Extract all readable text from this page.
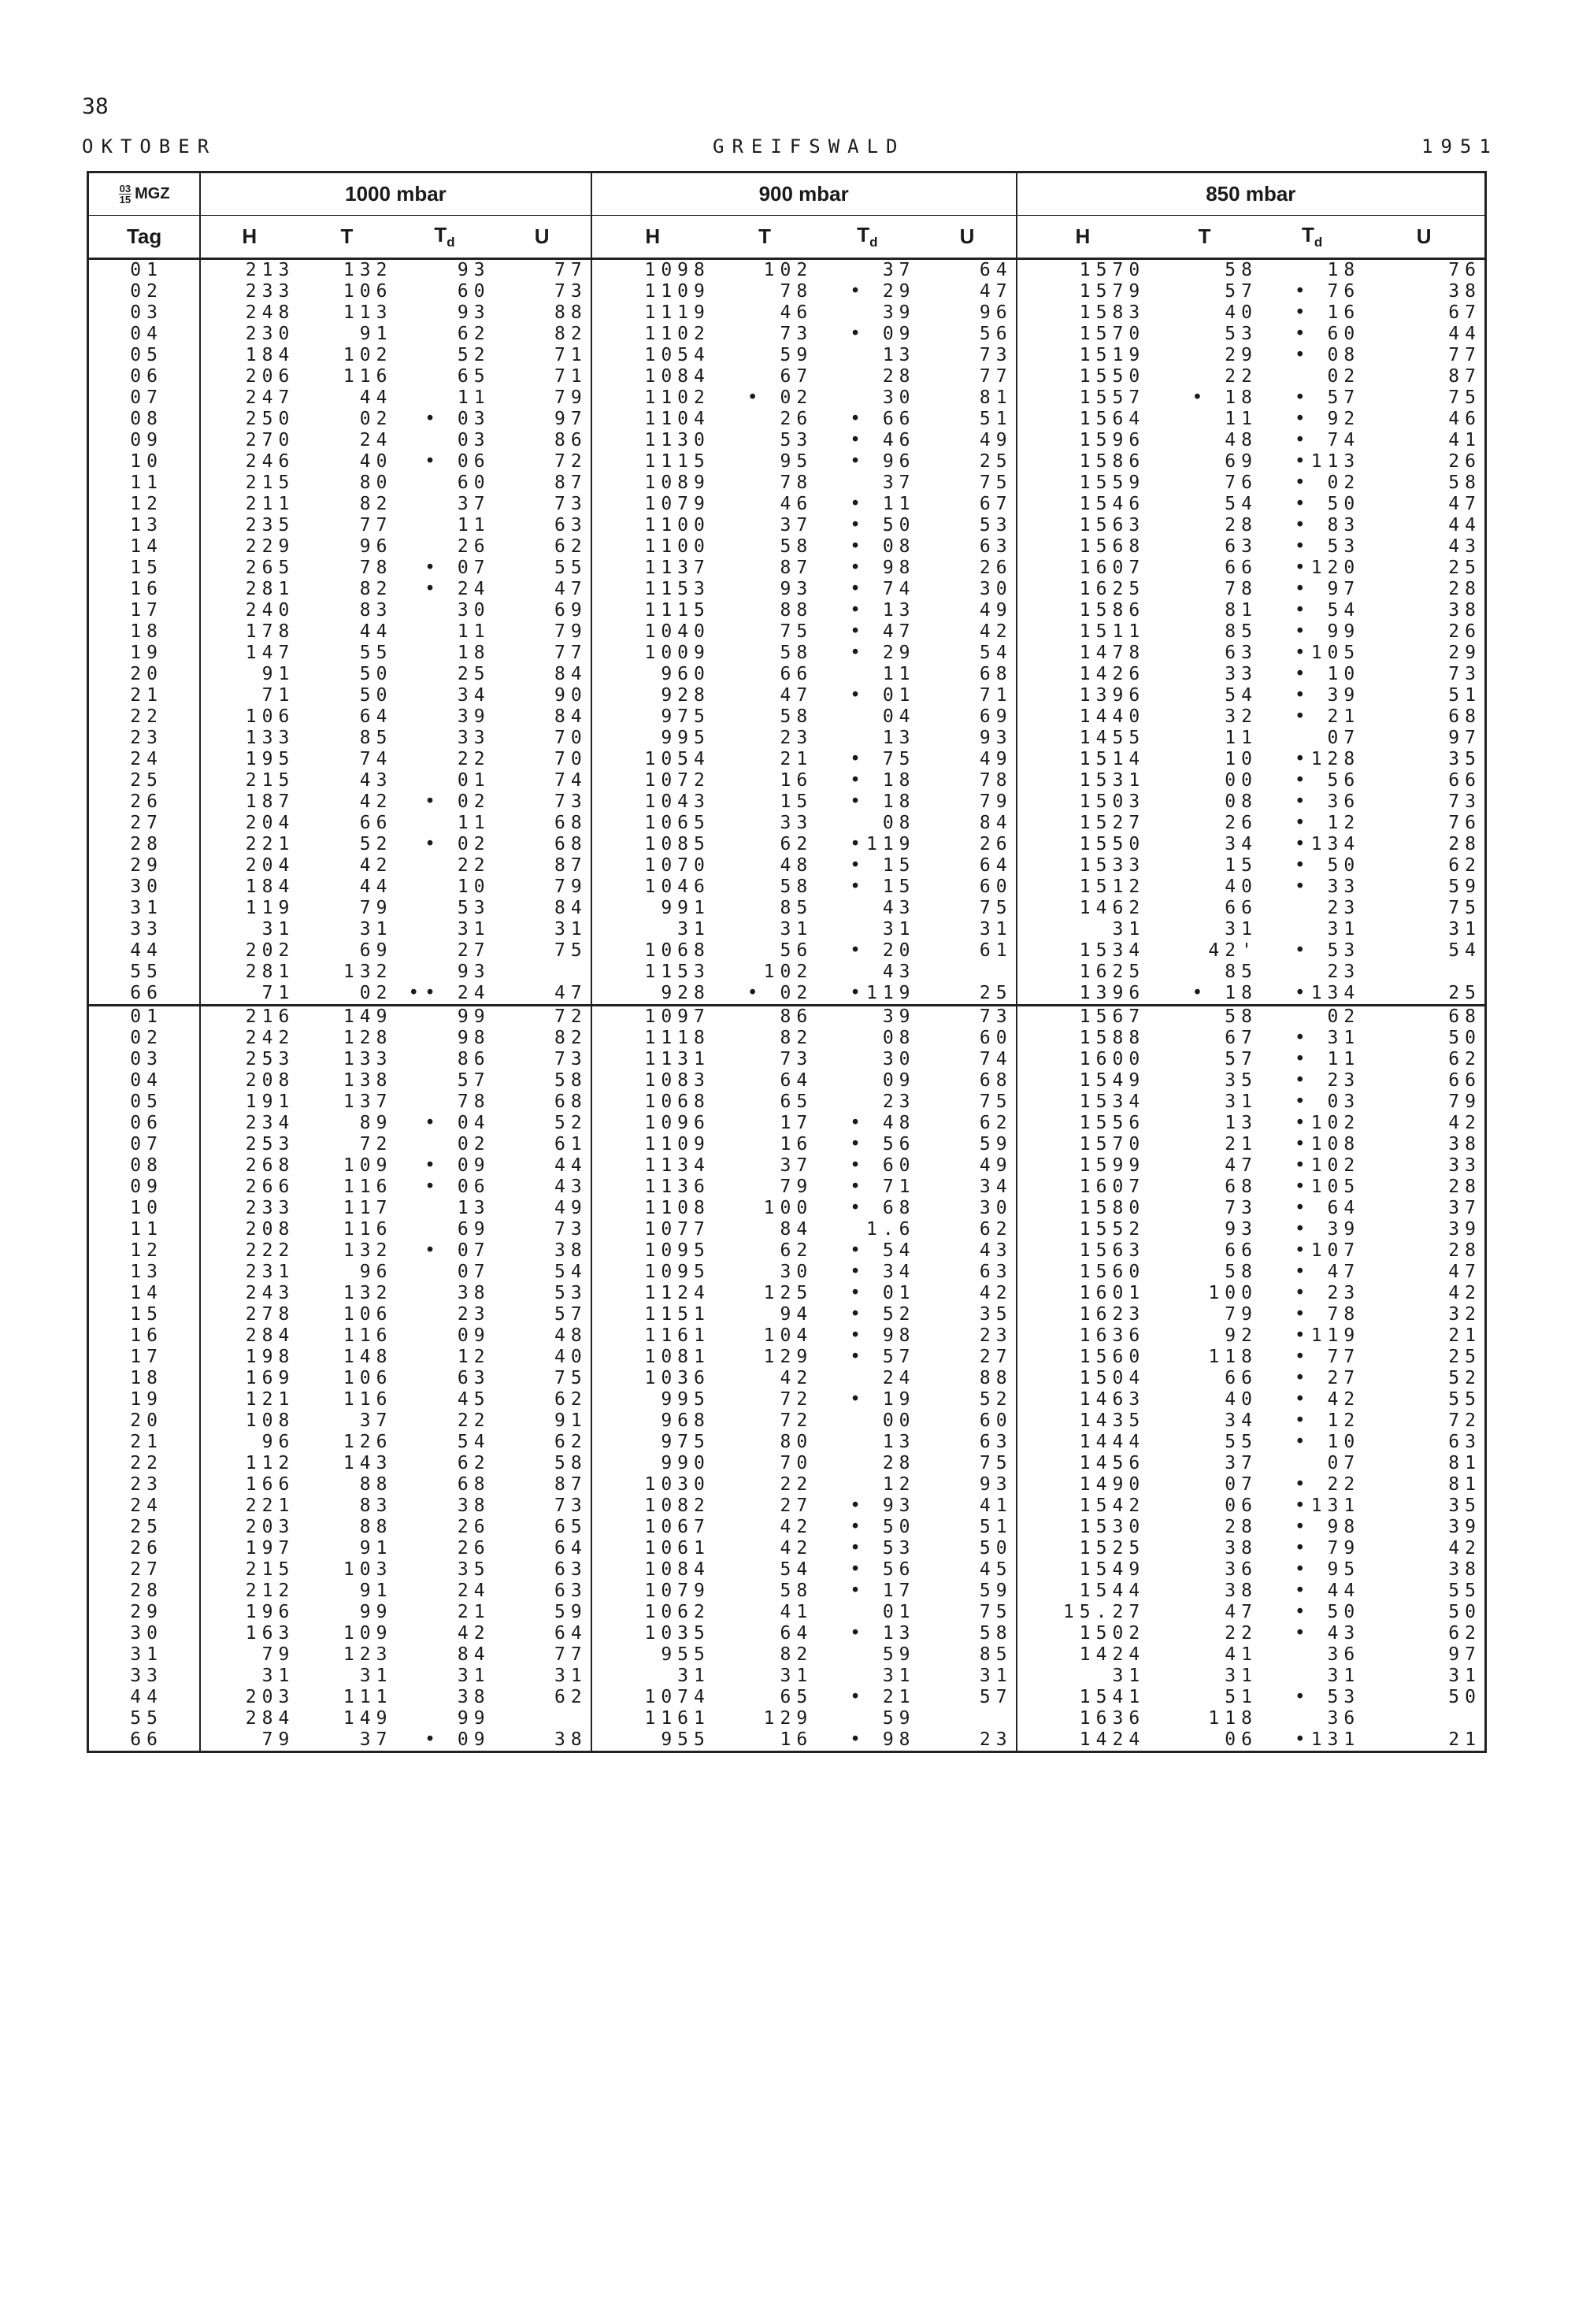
38
OKTOBER	GREIFSWALD	1951
$\frac{03}{15}$ MGZ	1000 mbar				900 mbar				850 mbar			
Tag	H	T	$T_d$	U	H	T	$T_d$	U	H	T	$T_d$	U
01	213	132	93	77	1098	102	37	64	1570	58	18	76
02	233	106	60	73	1109	78	• 29	47	1579	57	• 76	38
03	248	113	93	88	1119	46	39	96	1583	40	• 16	67
04	230	91	62	82	1102	73	• 09	56	1570	53	• 60	44
05	184	102	52	71	1054	59	13	73	1519	29	• 08	77
06	206	116	65	71	1084	67	28	77	1550	22	02	87
07	247	44	11	79	1102	• 02	30	81	1557	• 18	• 57	75
08	250	02	• 03	97	1104	26	• 66	51	1564	11	• 92	46
09	270	24	03	86	1130	53	• 46	49	1596	48	• 74	41
10	246	40	• 06	72	1115	95	• 96	25	1586	69	•113	26
11	215	80	60	87	1089	78	37	75	1559	76	• 02	58
12	211	82	37	73	1079	46	• 11	67	1546	54	• 50	47
13	235	77	11	63	1100	37	• 50	53	1563	28	• 83	44
14	229	96	26	62	1100	58	• 08	63	1568	63	• 53	43
15	265	78	• 07	55	1137	87	• 98	26	1607	66	•120	25
16	281	82	• 24	47	1153	93	• 74	30	1625	78	• 97	28
17	240	83	30	69	1115	88	• 13	49	1586	81	• 54	38
18	178	44	11	79	1040	75	• 47	42	1511	85	• 99	26
19	147	55	18	77	1009	58	• 29	54	1478	63	•105	29
20	91	50	25	84	960	66	11	68	1426	33	• 10	73
21	71	50	34	90	928	47	• 01	71	1396	54	• 39	51
22	106	64	39	84	975	58	04	69	1440	32	• 21	68
23	133	85	33	70	995	23	13	93	1455	11	07	97
24	195	74	22	70	1054	21	• 75	49	1514	10	•128	35
25	215	43	01	74	1072	16	• 18	78	1531	00	• 56	66
26	187	42	• 02	73	1043	15	• 18	79	1503	08	• 36	73
27	204	66	11	68	1065	33	08	84	1527	26	• 12	76
28	221	52	• 02	68	1085	62	•119	26	1550	34	•134	28
29	204	42	22	87	1070	48	• 15	64	1533	15	• 50	62
30	184	44	10	79	1046	58	• 15	60	1512	40	• 33	59
31	119	79	53	84	991	85	43	75	1462	66	23	75
33	31	31	31	31	31	31	31	31	31	31	31	31
44	202	69	27	75	1068	56	• 20	61	1534	42'	• 53	54
55	281	132	93		1153	102	43		1625	85	23	
66	71	02	•• 24	47	928	• 02	•119	25	1396	• 18	•134	25
01	216	149	99	72	1097	86	39	73	1567	58	02	68
02	242	128	98	82	1118	82	08	60	1588	67	• 31	50
03	253	133	86	73	1131	73	30	74	1600	57	• 11	62
04	208	138	57	58	1083	64	09	68	1549	35	• 23	66
05	191	137	78	68	1068	65	23	75	1534	31	• 03	79
06	234	89	• 04	52	1096	17	• 48	62	1556	13	•102	42
07	253	72	02	61	1109	16	• 56	59	1570	21	•108	38
08	268	109	• 09	44	1134	37	• 60	49	1599	47	•102	33
09	266	116	• 06	43	1136	79	• 71	34	1607	68	•105	28
10	233	117	13	49	1108	100	• 68	30	1580	73	• 64	37
11	208	116	69	73	1077	84	1.6	62	1552	93	• 39	39
12	222	132	• 07	38	1095	62	• 54	43	1563	66	•107	28
13	231	96	07	54	1095	30	• 34	63	1560	58	• 47	47
14	243	132	38	53	1124	125	• 01	42	1601	100	• 23	42
15	278	106	23	57	1151	94	• 52	35	1623	79	• 78	32
16	284	116	09	48	1161	104	• 98	23	1636	92	•119	21
17	198	148	12	40	1081	129	• 57	27	1560	118	• 77	25
18	169	106	63	75	1036	42	24	88	1504	66	• 27	52
19	121	116	45	62	995	72	• 19	52	1463	40	• 42	55
20	108	37	22	91	968	72	00	60	1435	34	• 12	72
21	96	126	54	62	975	80	13	63	1444	55	• 10	63
22	112	143	62	58	990	70	28	75	1456	37	07	81
23	166	88	68	87	1030	22	12	93	1490	07	• 22	81
24	221	83	38	73	1082	27	• 93	41	1542	06	•131	35
25	203	88	26	65	1067	42	• 50	51	1530	28	• 98	39
26	197	91	26	64	1061	42	• 53	50	1525	38	• 79	42
27	215	103	35	63	1084	54	• 56	45	1549	36	• 95	38
28	212	91	24	63	1079	58	• 17	59	1544	38	• 44	55
29	196	99	21	59	1062	41	01	75	15.27	47	• 50	50
30	163	109	42	64	1035	64	• 13	58	1502	22	• 43	62
31	79	123	84	77	955	82	59	85	1424	41	36	97
33	31	31	31	31	31	31	31	31	31	31	31	31
44	203	111	38	62	1074	65	• 21	57	1541	51	• 53	50
55	284	149	99		1161	129	59		1636	118	36	
66	79	37	• 09	38	955	16	• 98	23	1424	06	•131	21
